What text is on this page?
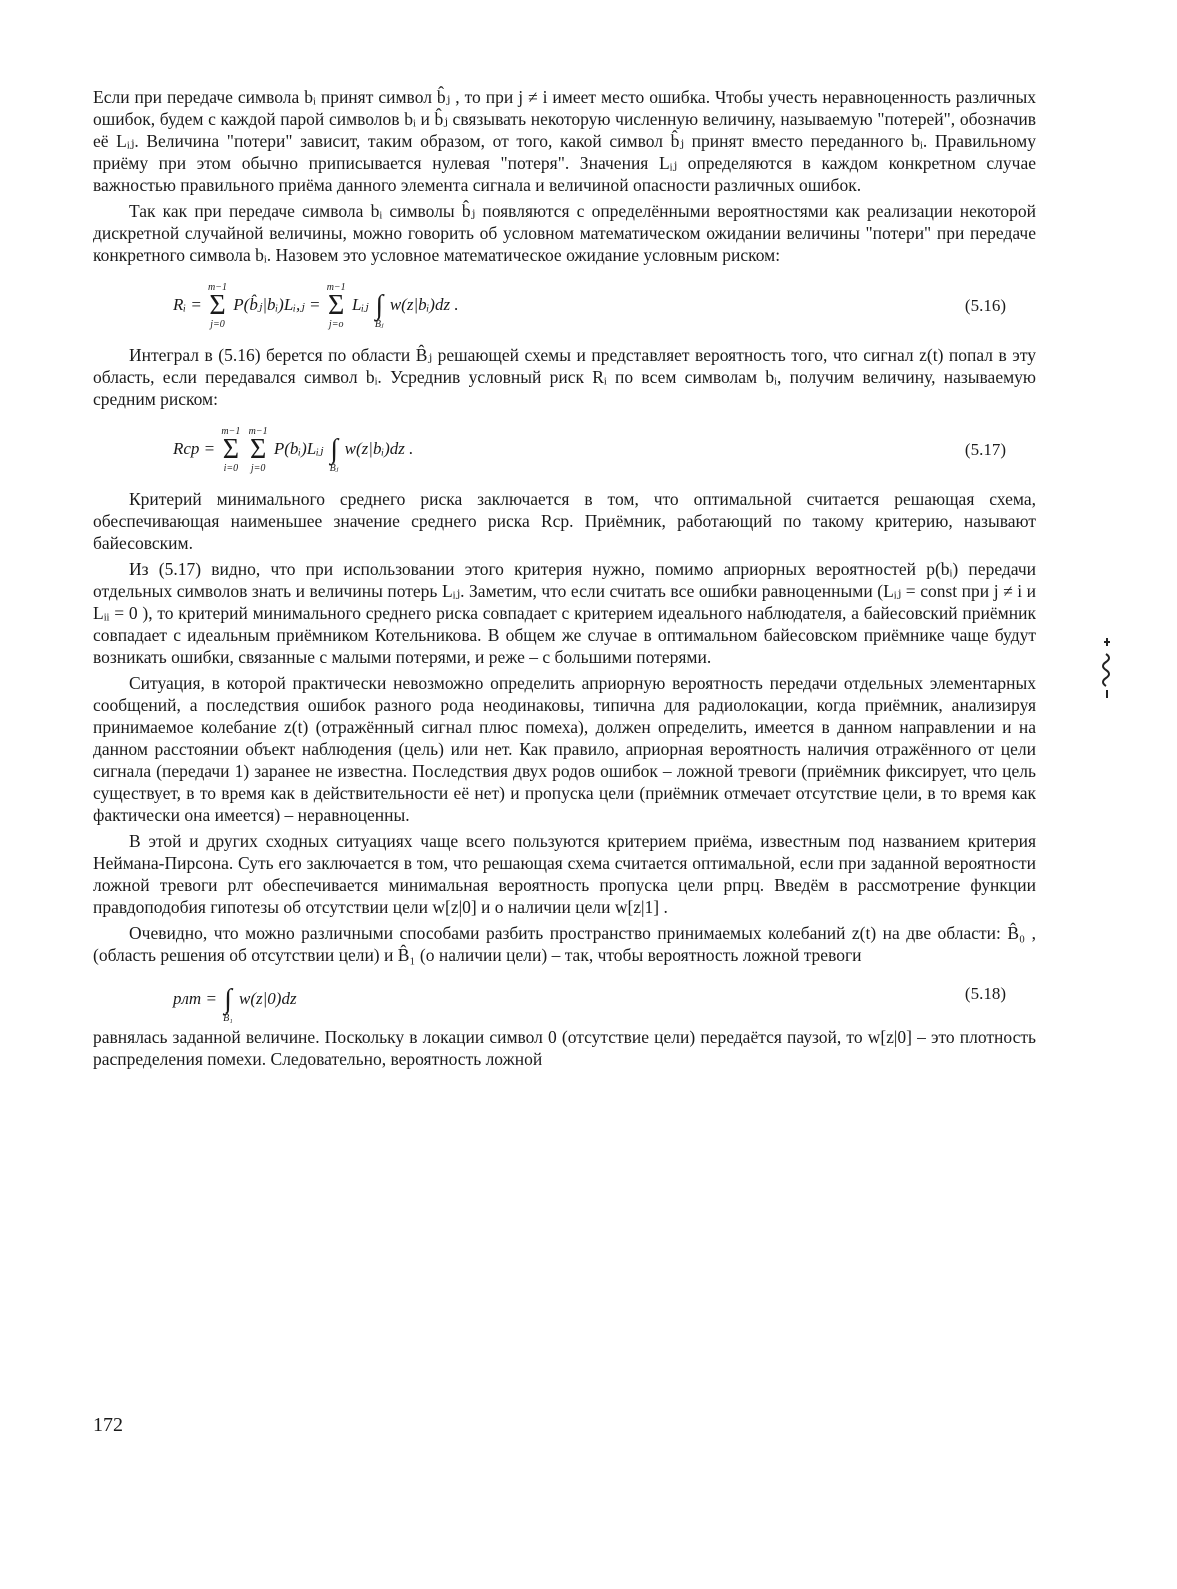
Если при передаче символа bᵢ принят символ b̂ⱼ , то при j ≠ i имеет место ошибка. Чтобы учесть неравноценность различных ошибок, будем с каждой парой символов bᵢ и b̂ⱼ связывать некоторую численную величину, называемую "потерей", обозначив её Lᵢⱼ. Величина "потери" зависит, таким образом, от того, какой символ b̂ⱼ принят вместо переданного bᵢ. Правильному приёму при этом обычно приписывается нулевая "потеря". Значения Lᵢⱼ определяются в каждом конкретном случае важностью правильного приёма данного элемента сигнала и величиной опасности различных ошибок.

Так как при передаче символа bᵢ символы b̂ⱼ появляются с определёнными вероятностями как реализации некоторой дискретной случайной величины, можно говорить об условном математическом ожидании величины "потери" при передаче конкретного символа bᵢ. Назовем это условное математическое ожидание условным риском:

Rᵢ =
m−1
Σ
j=0
P(b̂ⱼ|bᵢ)Lᵢ,ⱼ =
m−1
Σ
j=o
Lᵢⱼ
∫
B̂ⱼ
w(z|bᵢ)dz .	(5.16)

Интеграл в (5.16) берется по области B̂ⱼ решающей схемы и представляет вероятность того, что сигнал z(t) попал в эту область, если передавался символ bᵢ. Усреднив условный риск Rᵢ по всем символам bᵢ, получим величину, называемую средним риском:

Rср =
m−1
Σ
i=0

m−1
Σ
j=0
P(bᵢ)Lᵢⱼ
∫
B̂ⱼ
w(z|bᵢ)dz .	(5.17)

Критерий минимального среднего риска заключается в том, что оптимальной считается решающая схема, обеспечивающая наименьшее значение среднего риска Rср. Приёмник, работающий по такому критерию, называют байесовским.

Из (5.17) видно, что при использовании этого критерия нужно, помимо априорных вероятностей p(bᵢ) передачи отдельных символов знать и величины потерь Lᵢⱼ. Заметим, что если считать все ошибки равноценными (Lᵢⱼ = const при j ≠ i и Lᵢᵢ = 0 ), то критерий минимального среднего риска совпадает с критерием идеального наблюдателя, а байесовский приёмник совпадает с идеальным приёмником Котельникова. В общем же случае в оптимальном байесовском приёмнике чаще будут возникать ошибки, связанные с малыми потерями, и реже – с большими потерями.

Ситуация, в которой практически невозможно определить априорную вероятность передачи отдельных элементарных сообщений, а последствия ошибок разного рода неодинаковы, типична для радиолокации, когда приёмник, анализируя принимаемое колебание z(t) (отражённый сигнал плюс помеха), должен определить, имеется в данном направлении и на данном расстоянии объект наблюдения (цель) или нет. Как правило, априорная вероятность наличия отражённого от цели сигнала (передачи 1) заранее не известна. Последствия двух родов ошибок – ложной тревоги (приёмник фиксирует, что цель существует, в то время как в действительности её нет) и пропуска цели (приёмник отмечает отсутствие цели, в то время как фактически она имеется) – неравноценны.

В этой и других сходных ситуациях чаще всего пользуются критерием приёма, известным под названием критерия Неймана-Пирсона. Суть его заключается в том, что решающая схема считается оптимальной, если при заданной вероятности ложной тревоги pлт обеспечивается минимальная вероятность пропуска цели pпрц. Введём в рассмотрение функции правдоподобия гипотезы об отсутствии цели w[z|0] и о наличии цели w[z|1] .

Очевидно, что можно различными способами разбить пространство принимаемых колебаний z(t) на две области: B̂₀ , (область решения об отсутствии цели) и B̂₁ (о наличии цели) – так, чтобы вероятность ложной тревоги

pлт =
∫
B̂₁
w(z|0)dz	(5.18)

равнялась заданной величине. Поскольку в локации символ 0 (отсутствие цели) передаётся паузой, то w[z|0] – это плотность распределения помехи. Следовательно, вероятность ложной

172
